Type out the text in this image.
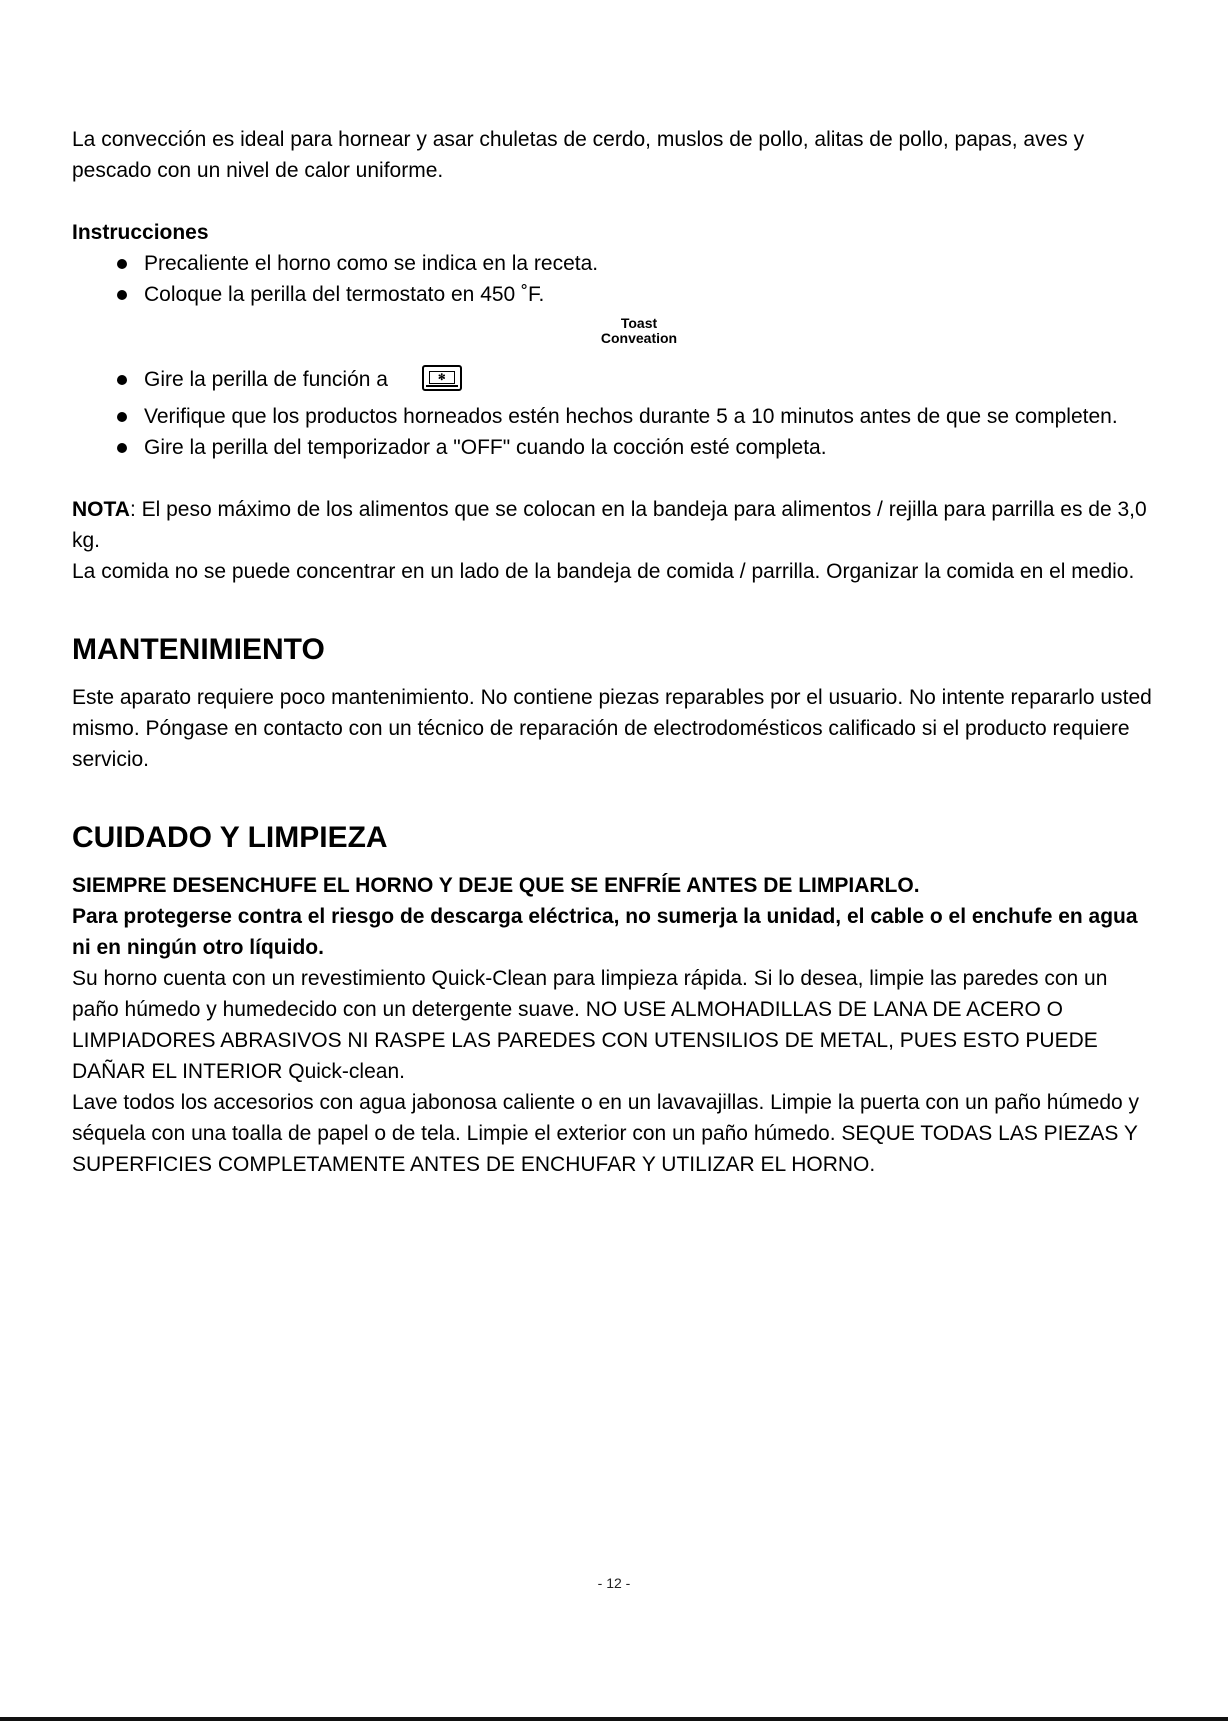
La convección es ideal para hornear y asar chuletas de cerdo, muslos de pollo, alitas de pollo, papas, aves y pescado con un nivel de calor uniforme.

Instrucciones

Precaliente el horno como se indica en la receta.
Coloque la perilla del termostato en 450 ˚F.
Gire la perilla de función a
Toast
Conveation
✻
Verifique que los productos horneados estén hechos durante 5 a 10 minutos antes de que se completen.
Gire la perilla del temporizador a "OFF" cuando la cocción esté completa.

NOTA: El peso máximo de los alimentos que se colocan en la bandeja para alimentos / rejilla para parrilla es de 3,0 kg.

La comida no se puede concentrar en un lado de la bandeja de comida / parrilla. Organizar la comida en el medio.

MANTENIMIENTO

Este aparato requiere poco mantenimiento. No contiene piezas reparables por el usuario. No intente repararlo usted mismo. Póngase en contacto con un técnico de reparación de electrodomésticos calificado si el producto requiere servicio.

CUIDADO Y LIMPIEZA

SIEMPRE DESENCHUFE EL HORNO Y DEJE QUE SE ENFRÍE ANTES DE LIMPIARLO.

Para protegerse contra el riesgo de descarga eléctrica, no sumerja la unidad, el cable o el enchufe en agua ni en ningún otro líquido.

Su horno cuenta con un revestimiento Quick-Clean para limpieza rápida. Si lo desea, limpie las paredes con un paño húmedo y humedecido con un detergente suave. NO USE ALMOHADILLAS DE LANA DE ACERO O LIMPIADORES ABRASIVOS NI RASPE LAS PAREDES CON UTENSILIOS DE METAL, PUES ESTO PUEDE DAÑAR EL INTERIOR Quick-clean.

Lave todos los accesorios con agua jabonosa caliente o en un lavavajillas. Limpie la puerta con un paño húmedo y séquela con una toalla de papel o de tela. Limpie el exterior con un paño húmedo. SEQUE TODAS LAS PIEZAS Y SUPERFICIES COMPLETAMENTE ANTES DE ENCHUFAR Y UTILIZAR EL HORNO.

- 12 -
